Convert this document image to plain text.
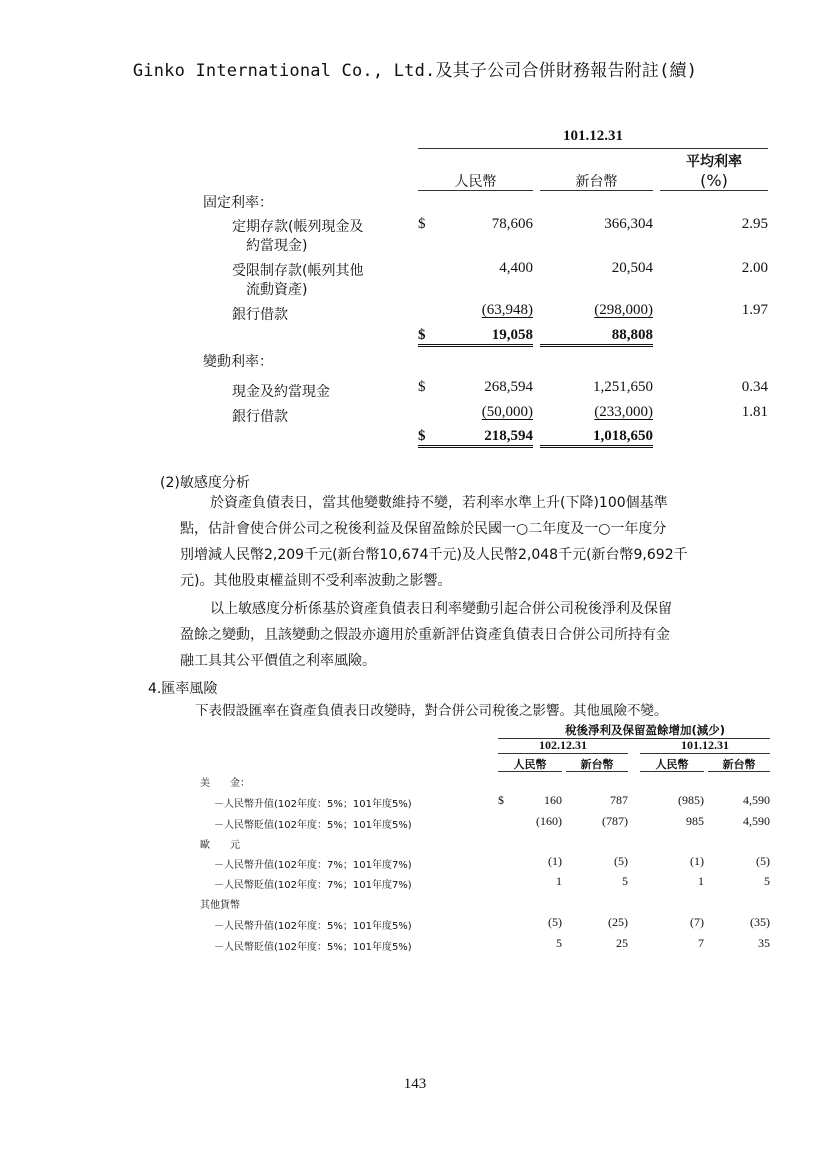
Ginko International Co., Ltd.及其子公司合併財務報告附註(續)
101.12.31
平均利率
人民幣	新台幣	(%)
固定利率：
定期存款(帳列現金及
約當現金)
$	78,606	366,304	2.95
受限制存款(帳列其他
流動資產)
4,400	20,504	2.00
銀行借款	(63,948)	(298,000)	1.97
$	19,058	88,808
變動利率：
現金及約當現金	$	268,594	1,251,650	0.34
銀行借款	(50,000)	(233,000)	1.81
$	218,594	1,018,650
(2)敏感度分析
於資產負債表日，當其他變數維持不變，若利率水準上升(下降)100個基準
點，估計會使合併公司之稅後利益及保留盈餘於民國一○二年度及一○一年度分
別增減人民幣2,209千元(新台幣10,674千元)及人民幣2,048千元(新台幣9,692千
元)。其他股東權益則不受利率波動之影響。
以上敏感度分析係基於資產負債表日利率變動引起合併公司稅後淨利及保留
盈餘之變動，且該變動之假設亦適用於重新評估資產負債表日合併公司所持有金
融工具其公平價值之利率風險。
4.匯率風險
下表假設匯率在資產負債表日改變時，對合併公司稅後之影響。其他風險不變。
稅後淨利及保留盈餘增加(減少)
102.12.31	101.12.31
人民幣	新台幣	人民幣	新台幣
美　　金：
－人民幣升值(102年度：5%；101年度5%)	$	160	787	(985)	4,590
－人民幣貶值(102年度：5%；101年度5%)	(160)	(787)	985	4,590
歐　　元
－人民幣升值(102年度：7%；101年度7%)	(1)	(5)	(1)	(5)
－人民幣貶值(102年度：7%；101年度7%)	1	5	1	5
其他貨幣
－人民幣升值(102年度：5%；101年度5%)	(5)	(25)	(7)	(35)
－人民幣貶值(102年度：5%；101年度5%)	5	25	7	35
143
